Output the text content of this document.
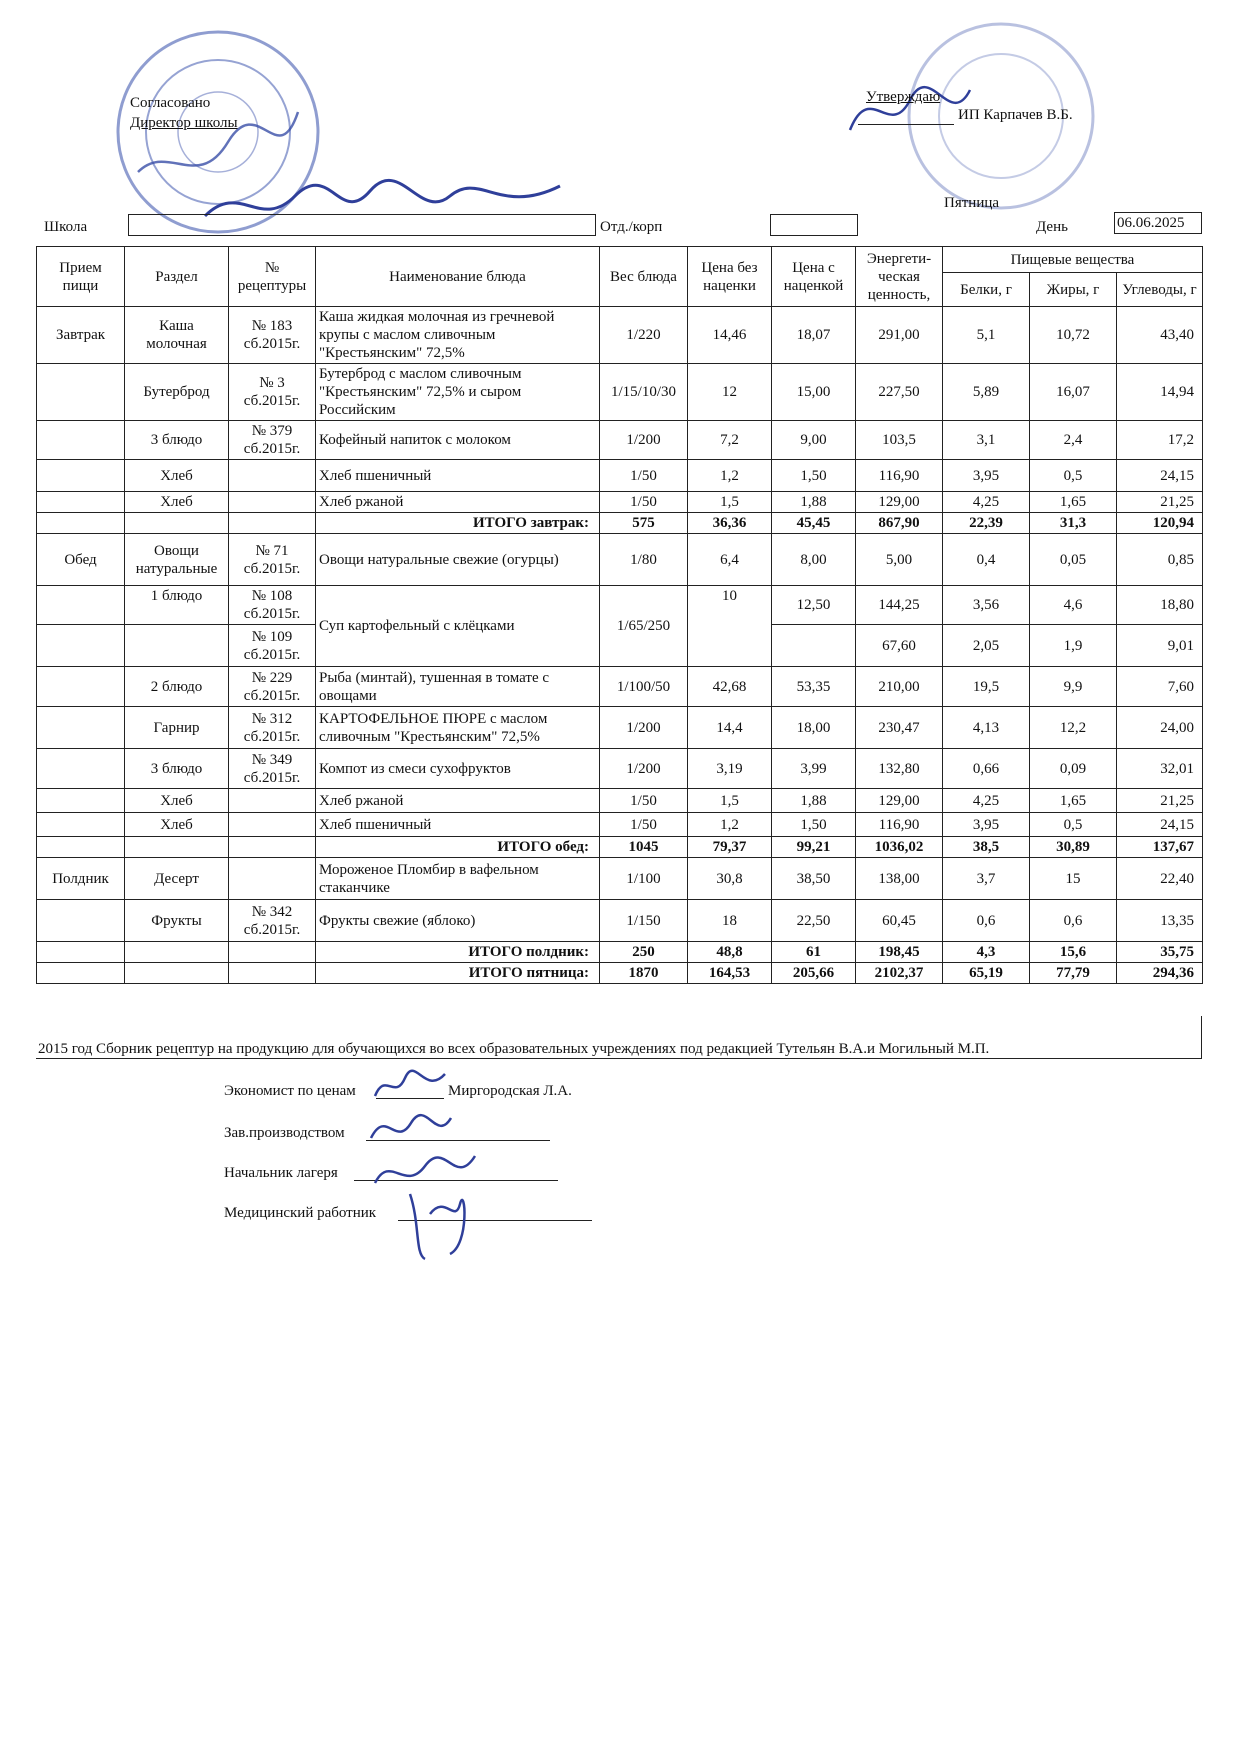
Согласовано
Директор школы
Утверждаю
ИП Карпачев В.Б.
Пятница
Школа	Отд./корп	День	06.06.2025
Прием пищи	Раздел	№ рецептуры	Наименование блюда	Вес блюда	Цена без наценки	Цена с наценкой	Энергети-ческая ценность,	Пищевые вещества		
								Белки, г	Жиры, г	Углеводы, г
Завтрак	Каша молочная	№ 183 сб.2015г.	Каша жидкая молочная из гречневой крупы с маслом сливочным "Крестьянским" 72,5%	1/220	14,46	18,07	291,00	5,1	10,72	43,40
	Бутерброд	№ 3 сб.2015г.	Бутерброд с маслом сливочным "Крестьянским" 72,5% и сыром Российским	1/15/10/30	12	15,00	227,50	5,89	16,07	14,94
	3 блюдо	№ 379 сб.2015г.	Кофейный напиток с молоком	1/200	7,2	9,00	103,5	3,1	2,4	17,2
	Хлеб		Хлеб пшеничный	1/50	1,2	1,50	116,90	3,95	0,5	24,15
	Хлеб		Хлеб ржаной	1/50	1,5	1,88	129,00	4,25	1,65	21,25
			ИТОГО завтрак:	575	36,36	45,45	867,90	22,39	31,3	120,94
Обед	Овощи натуральные	№ 71 сб.2015г.	Овощи натуральные свежие (огурцы)	1/80	6,4	8,00	5,00	0,4	0,05	0,85
	1 блюдо	№ 108 сб.2015г.	Суп картофельный с клёцками	1/65/250	10	12,50	144,25	3,56	4,6	18,80
		№ 109 сб.2015г.					67,60	2,05	1,9	9,01
	2 блюдо	№ 229 сб.2015г.	Рыба (минтай), тушенная в томате с овощами	1/100/50	42,68	53,35	210,00	19,5	9,9	7,60
	Гарнир	№ 312 сб.2015г.	КАРТОФЕЛЬНОЕ ПЮРЕ с маслом сливочным "Крестьянским" 72,5%	1/200	14,4	18,00	230,47	4,13	12,2	24,00
	3 блюдо	№ 349 сб.2015г.	Компот из смеси сухофруктов	1/200	3,19	3,99	132,80	0,66	0,09	32,01
	Хлеб		Хлеб ржаной	1/50	1,5	1,88	129,00	4,25	1,65	21,25
	Хлеб		Хлеб пшеничный	1/50	1,2	1,50	116,90	3,95	0,5	24,15
			ИТОГО обед:	1045	79,37	99,21	1036,02	38,5	30,89	137,67
Полдник	Десерт		Мороженое Пломбир в вафельном стаканчике	1/100	30,8	38,50	138,00	3,7	15	22,40
	Фрукты	№ 342 сб.2015г.	Фрукты свежие (яблоко)	1/150	18	22,50	60,45	0,6	0,6	13,35
			ИТОГО полдник:	250	48,8	61	198,45	4,3	15,6	35,75
			ИТОГО пятница:	1870	164,53	205,66	2102,37	65,19	77,79	294,36
2015 год Сборник рецептур на продукцию для обучающихся во всех образовательных учреждениях под редакцией Тутельян В.А.и Могильный М.П.
Экономист по ценам	Миргородская Л.А.
Зав.производством
Начальник лагеря
Медицинский работник
